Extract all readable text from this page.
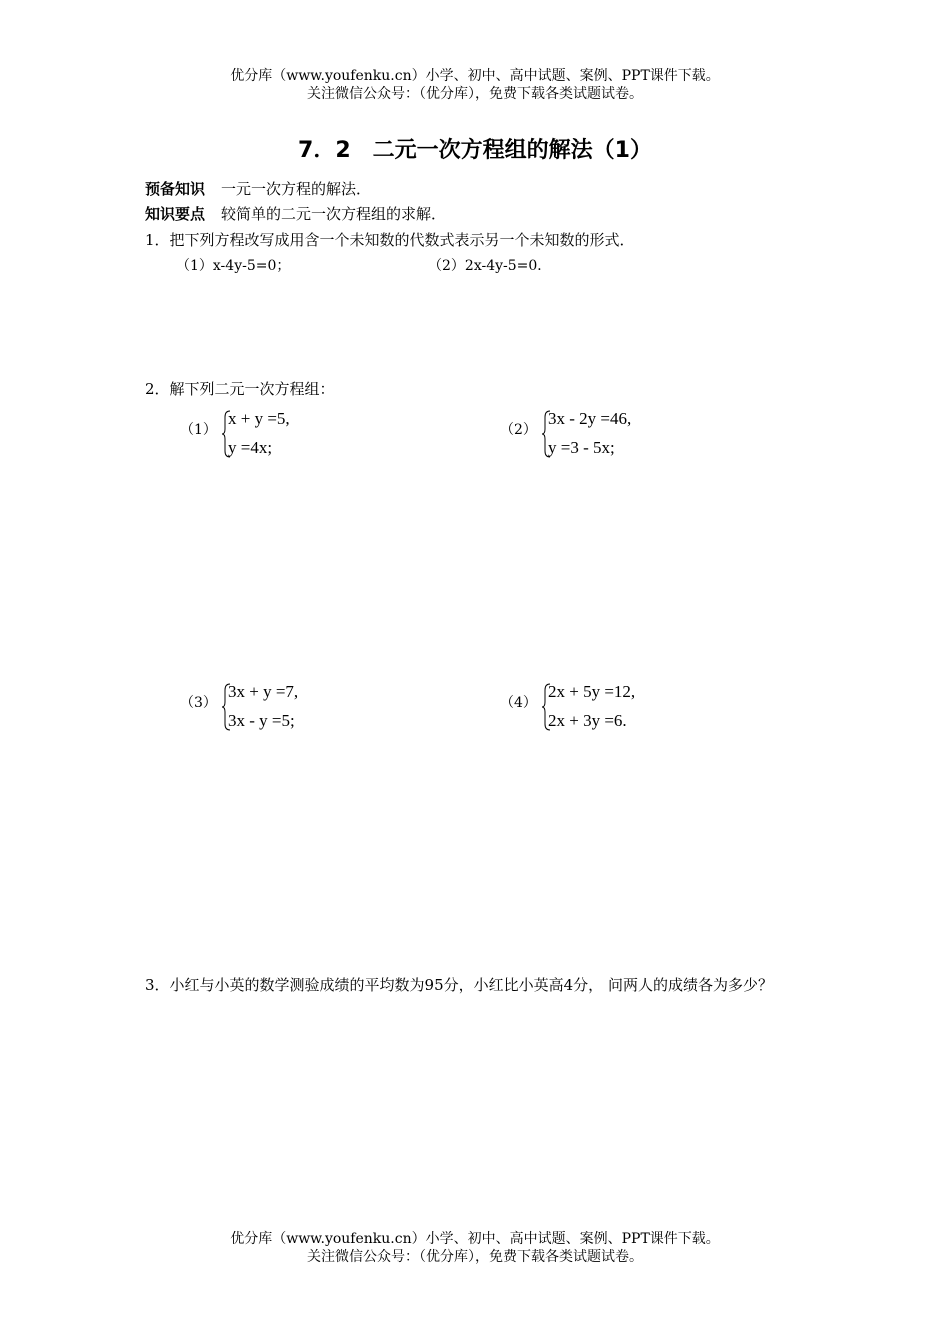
优分库（www.youfenku.cn）小学、初中、高中试题、案例、PPT课件下载。
关注微信公众号：（优分库），免费下载各类试题试卷。
7．2　二元一次方程组的解法（1）
预备知识 一元一次方程的解法．
知识要点 较简单的二元一次方程组的求解．
1．把下列方程改写成用含一个未知数的代数式表示另一个未知数的形式．
（1）x-4y-5=0；	（2）2x-4y-5=0．
2．解下列二元一次方程组：
（1）
x + y =5,
y =4x;
（2）
3x - 2y =46,
y =3 - 5x;
（3）
3x + y =7,
3x - y =5;
（4）
2x + 5y =12,
2x + 3y =6.
3．小红与小英的数学测验成绩的平均数为95分，小红比小英高4分， 问两人的成绩各为多少？
优分库（www.youfenku.cn）小学、初中、高中试题、案例、PPT课件下载。
关注微信公众号：（优分库），免费下载各类试题试卷。
